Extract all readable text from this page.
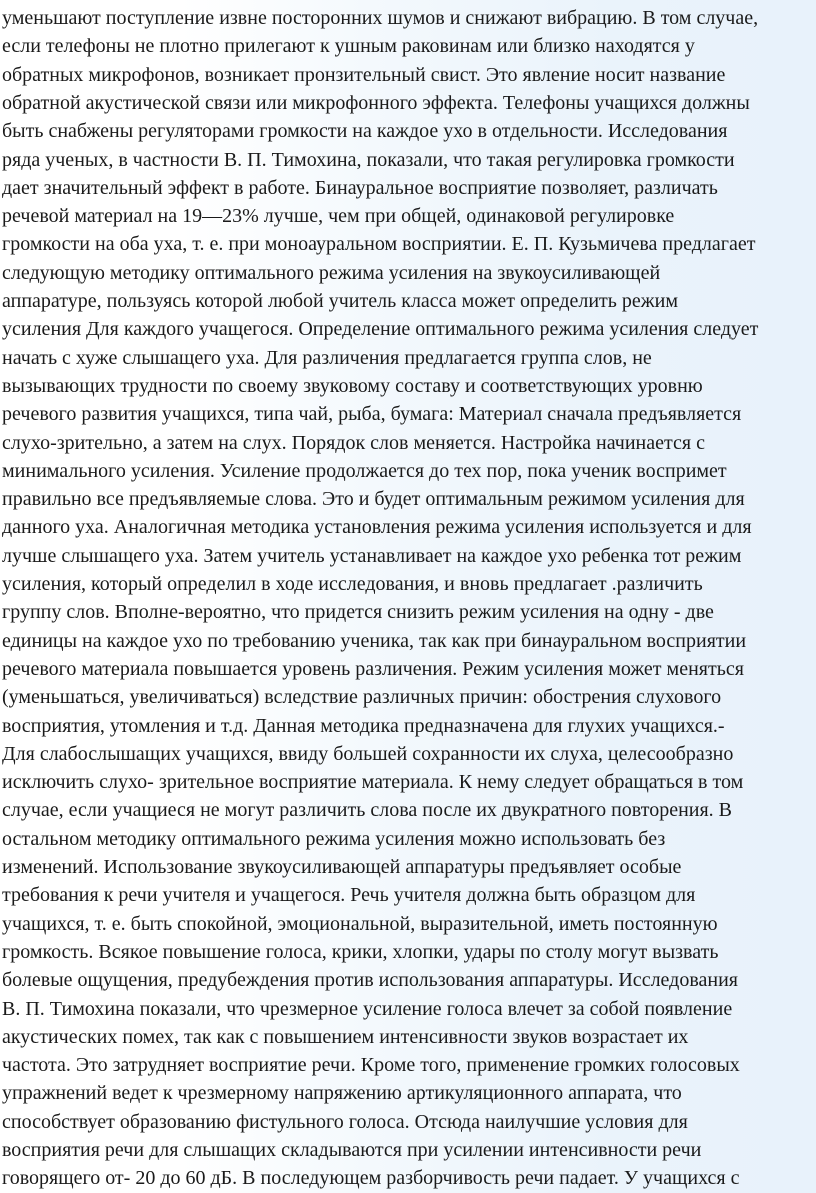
уменьшают поступление извне посторонних шумов и снижают вибрацию. В том случае,
если телефоны не плотно прилегают к ушным раковинам или близко находятся у
обратных микрофонов, возникает пронзительный свист. Это явление носит название
обратной акустической связи или микрофонного эффекта. Телефоны учащихся должны
быть снабжены регуляторами громкости на каждое ухо в отдельности. Исследования
ряда ученых, в частности В. П. Тимохина, показали, что такая регулировка громкости
дает значительный эффект в работе. Бинауральное восприятие позволяет, различать
речевой материал на 19—23% лучше, чем при общей, одинаковой регулировке
громкости на оба уха, т. е. при моноауральном восприятии. Е. П. Кузьмичева предлагает
следующую методику оптимального режима усиления на звукоусиливающей
аппаратуре, пользуясь которой любой учитель класса может определить режим
усиления Для каждого учащегося. Определение оптимального режима усиления следует
начать с хуже слышащего уха. Для различения предлагается группа слов, не
вызывающих трудности по своему звуковому составу и соответствующих уровню
речевого развития учащихся, типа чай, рыба, бумага: Материал сначала предъявляется
слухо-зрительно, а затем на слух. Порядок слов меняется. Настройка начинается с
минимального усиления. Усиление продолжается до тех пор, пока ученик воспримет
правильно все предъявляемые слова. Это и будет оптимальным режимом усиления для
данного уха. Аналогичная методика установления режима усиления используется и для
лучше слышащего уха. Затем учитель устанавливает на каждое ухо ребенка тот режим
усиления, который определил в ходе исследования, и вновь предлагает .различить
группу слов. Вполне-вероятно, что придется снизить режим усиления на одну - две
единицы на каждое ухо по требованию ученика, так как при бинауральном восприятии
речевого материала повышается уровень различения. Режим усиления может меняться
(уменьшаться, увеличиваться) вследствие различных причин: обострения слухового
восприятия, утомления и т.д. Данная методика предназначена для глухих учащихся.-
Для слабослышащих учащихся, ввиду большей сохранности их слуха, целесообразно
исключить слухо- зрительное восприятие материала. К нему следует обращаться в том
случае, если учащиеся не могут различить слова после их двукратного повторения. В
остальном методику оптимального режима усиления можно использовать без
изменений. Использование звукоусиливающей аппаратуры предъявляет особые
требования к речи учителя и учащегося. Речь учителя должна быть образцом для
учащихся, т. е. быть спокойной, эмоциональной, выразительной, иметь постоянную
громкость. Всякое повышение голоса, крики, хлопки, удары по столу могут вызвать
болевые ощущения, предубеждения против использования аппаратуры. Исследования
В. П. Тимохина показали, что чрезмерное усиление голоса влечет за собой появление
акустических помех, так как с повышением интенсивности звуков возрастает их
частота. Это затрудняет восприятие речи. Кроме того, применение громких голосовых
упражнений ведет к чрезмерному напряжению артикуляционного аппарата, что
способствует образованию фистульного голоса. Отсюда наилучшие условия для
восприятия речи для слышащих складываются при усилении интенсивности речи
говорящего от- 20 до 60 дБ. В последующем разборчивость речи падает. У учащихся с
